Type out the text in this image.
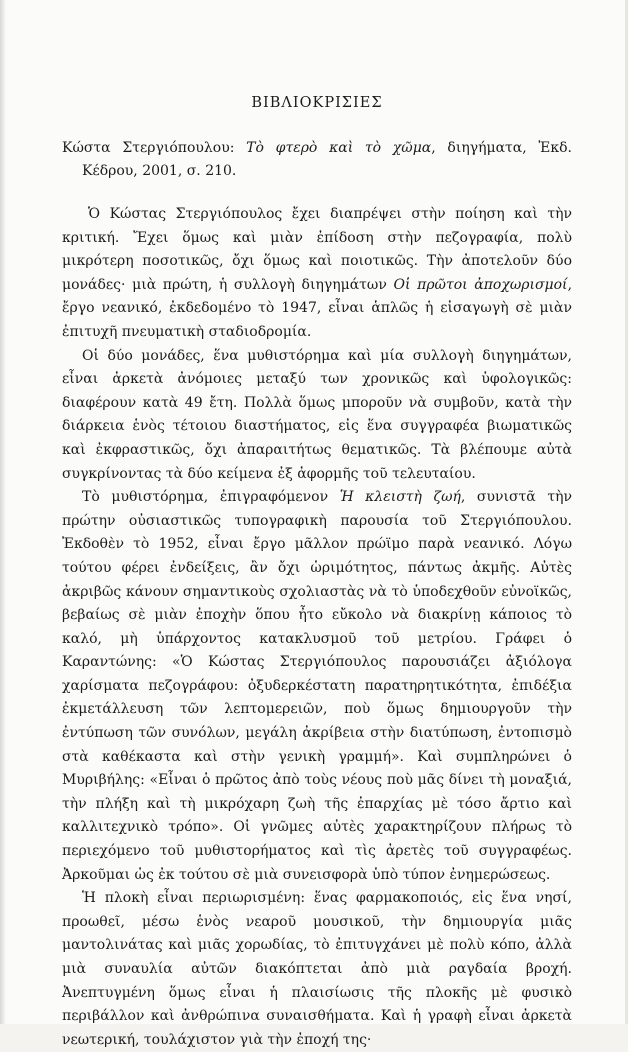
ΒΙΒΛΙΟΚΡΙΣΙΕΣ

Κώστα Στεργιόπουλου: Τὸ φτερὸ καὶ τὸ χῶμα, διηγήματα, Ἐκδ. Κέδρου, 2001, σ. 210.

Ὁ Κώστας Στεργιόπουλος ἔχει διαπρέψει στὴν ποίηση καὶ τὴν κριτική. Ἔχει ὅμως καὶ μιὰν ἐπίδοση στὴν πεζογραφία, πολὺ μικρότερη ποσοτικῶς, ὄχι ὅμως καὶ ποιοτικῶς. Τὴν ἀποτελοῦν δύο μονάδες· μιὰ πρώτη, ἡ συλλογὴ διηγημάτων Οἱ πρῶτοι ἀποχωρισμοί, ἔργο νεανικό, ἐκδεδομένο τὸ 1947, εἶναι ἁπλῶς ἡ εἰσαγωγὴ σὲ μιὰν ἐπιτυχῆ πνευματικὴ σταδιοδρομία.

Οἱ δύο μονάδες, ἕνα μυθιστόρημα καὶ μία συλλογὴ διηγημάτων, εἶναι ἀρκετὰ ἀνόμοιες μεταξύ των χρονικῶς καὶ ὑφολογικῶς: διαφέρουν κατὰ 49 ἔτη. Πολλὰ ὅμως μποροῦν νὰ συμβοῦν, κατὰ τὴν διάρκεια ἑνὸς τέτοιου διαστήματος, εἰς ἕνα συγγραφέα βιωματικῶς καὶ ἐκφραστικῶς, ὄχι ἀπαραιτήτως θεματικῶς. Τὰ βλέπουμε αὐτὰ συγκρίνοντας τὰ δύο κείμενα ἐξ ἀφορμῆς τοῦ τελευταίου.

Τὸ μυθιστόρημα, ἐπιγραφόμενον Ἡ κλειστὴ ζωή, συνιστᾶ τὴν πρώτην οὐσιαστικῶς τυπογραφικὴ παρουσία τοῦ Στεργιόπουλου. Ἐκδοθὲν τὸ 1952, εἶναι ἔργο μᾶλλον πρώϊμο παρὰ νεανικό. Λόγω τούτου φέρει ἐνδείξεις, ἂν ὄχι ὡριμότητος, πάντως ἀκμῆς. Αὐτὲς ἀκριβῶς κάνουν σημαντικοὺς σχολιαστὰς νὰ τὸ ὑποδεχθοῦν εὐνοϊκῶς, βεβαίως σὲ μιὰν ἐποχὴν ὅπου ἦτο εὔκολο νὰ διακρίνῃ κάποιος τὸ καλό, μὴ ὑπάρχοντος κατακλυσμοῦ τοῦ μετρίου. Γράφει ὁ Καραντώνης: «Ὁ Κώστας Στεργιόπουλος παρουσιάζει ἀξιόλογα χαρίσματα πεζογράφου: ὀξυδερκέστατη παρατηρητικότητα, ἐπιδέξια ἐκμετάλλευση τῶν λεπτομερειῶν, ποὺ ὅμως δημιουργοῦν τὴν ἐντύπωση τῶν συνόλων, μεγάλη ἀκρίβεια στὴν διατύπωση, ἐντοπισμὸ στὰ καθέκαστα καὶ στὴν γενικὴ γραμμή». Καὶ συμπληρώνει ὁ Μυριβήλης: «Εἶναι ὁ πρῶτος ἀπὸ τοὺς νέους ποὺ μᾶς δίνει τὴ μοναξιά, τὴν πλήξη καὶ τὴ μικρόχαρη ζωὴ τῆς ἐπαρχίας μὲ τόσο ἄρτιο καὶ καλλιτεχνικὸ τρόπο». Οἱ γνῶμες αὐτὲς χαρακτηρίζουν πλήρως τὸ περιεχόμενο τοῦ μυθιστορήματος καὶ τὶς ἀρετὲς τοῦ συγγραφέως. Ἀρκοῦμαι ὡς ἐκ τούτου σὲ μιὰ συνεισφορὰ ὑπὸ τύπον ἐνημερώσεως.

Ἡ πλοκὴ εἶναι περιωρισμένη: ἕνας φαρμακοποιός, εἰς ἕνα νησί, προωθεῖ, μέσω ἑνὸς νεαροῦ μουσικοῦ, τὴν δημιουργία μιᾶς μαντολινάτας καὶ μιᾶς χορωδίας, τὸ ἐπιτυγχάνει μὲ πολὺ κόπο, ἀλλὰ μιὰ συναυλία αὐτῶν διακόπτεται ἀπὸ μιὰ ραγδαία βροχή. Ἀνεπτυγμένη ὅμως εἶναι ἡ πλαισίωσις τῆς πλοκῆς μὲ φυσικὸ περιβάλλον καὶ ἀνθρώπινα συναισθήματα. Καὶ ἡ γραφὴ εἶναι ἀρκετὰ νεωτερική, τουλάχιστον γιὰ τὴν ἐποχή της·
